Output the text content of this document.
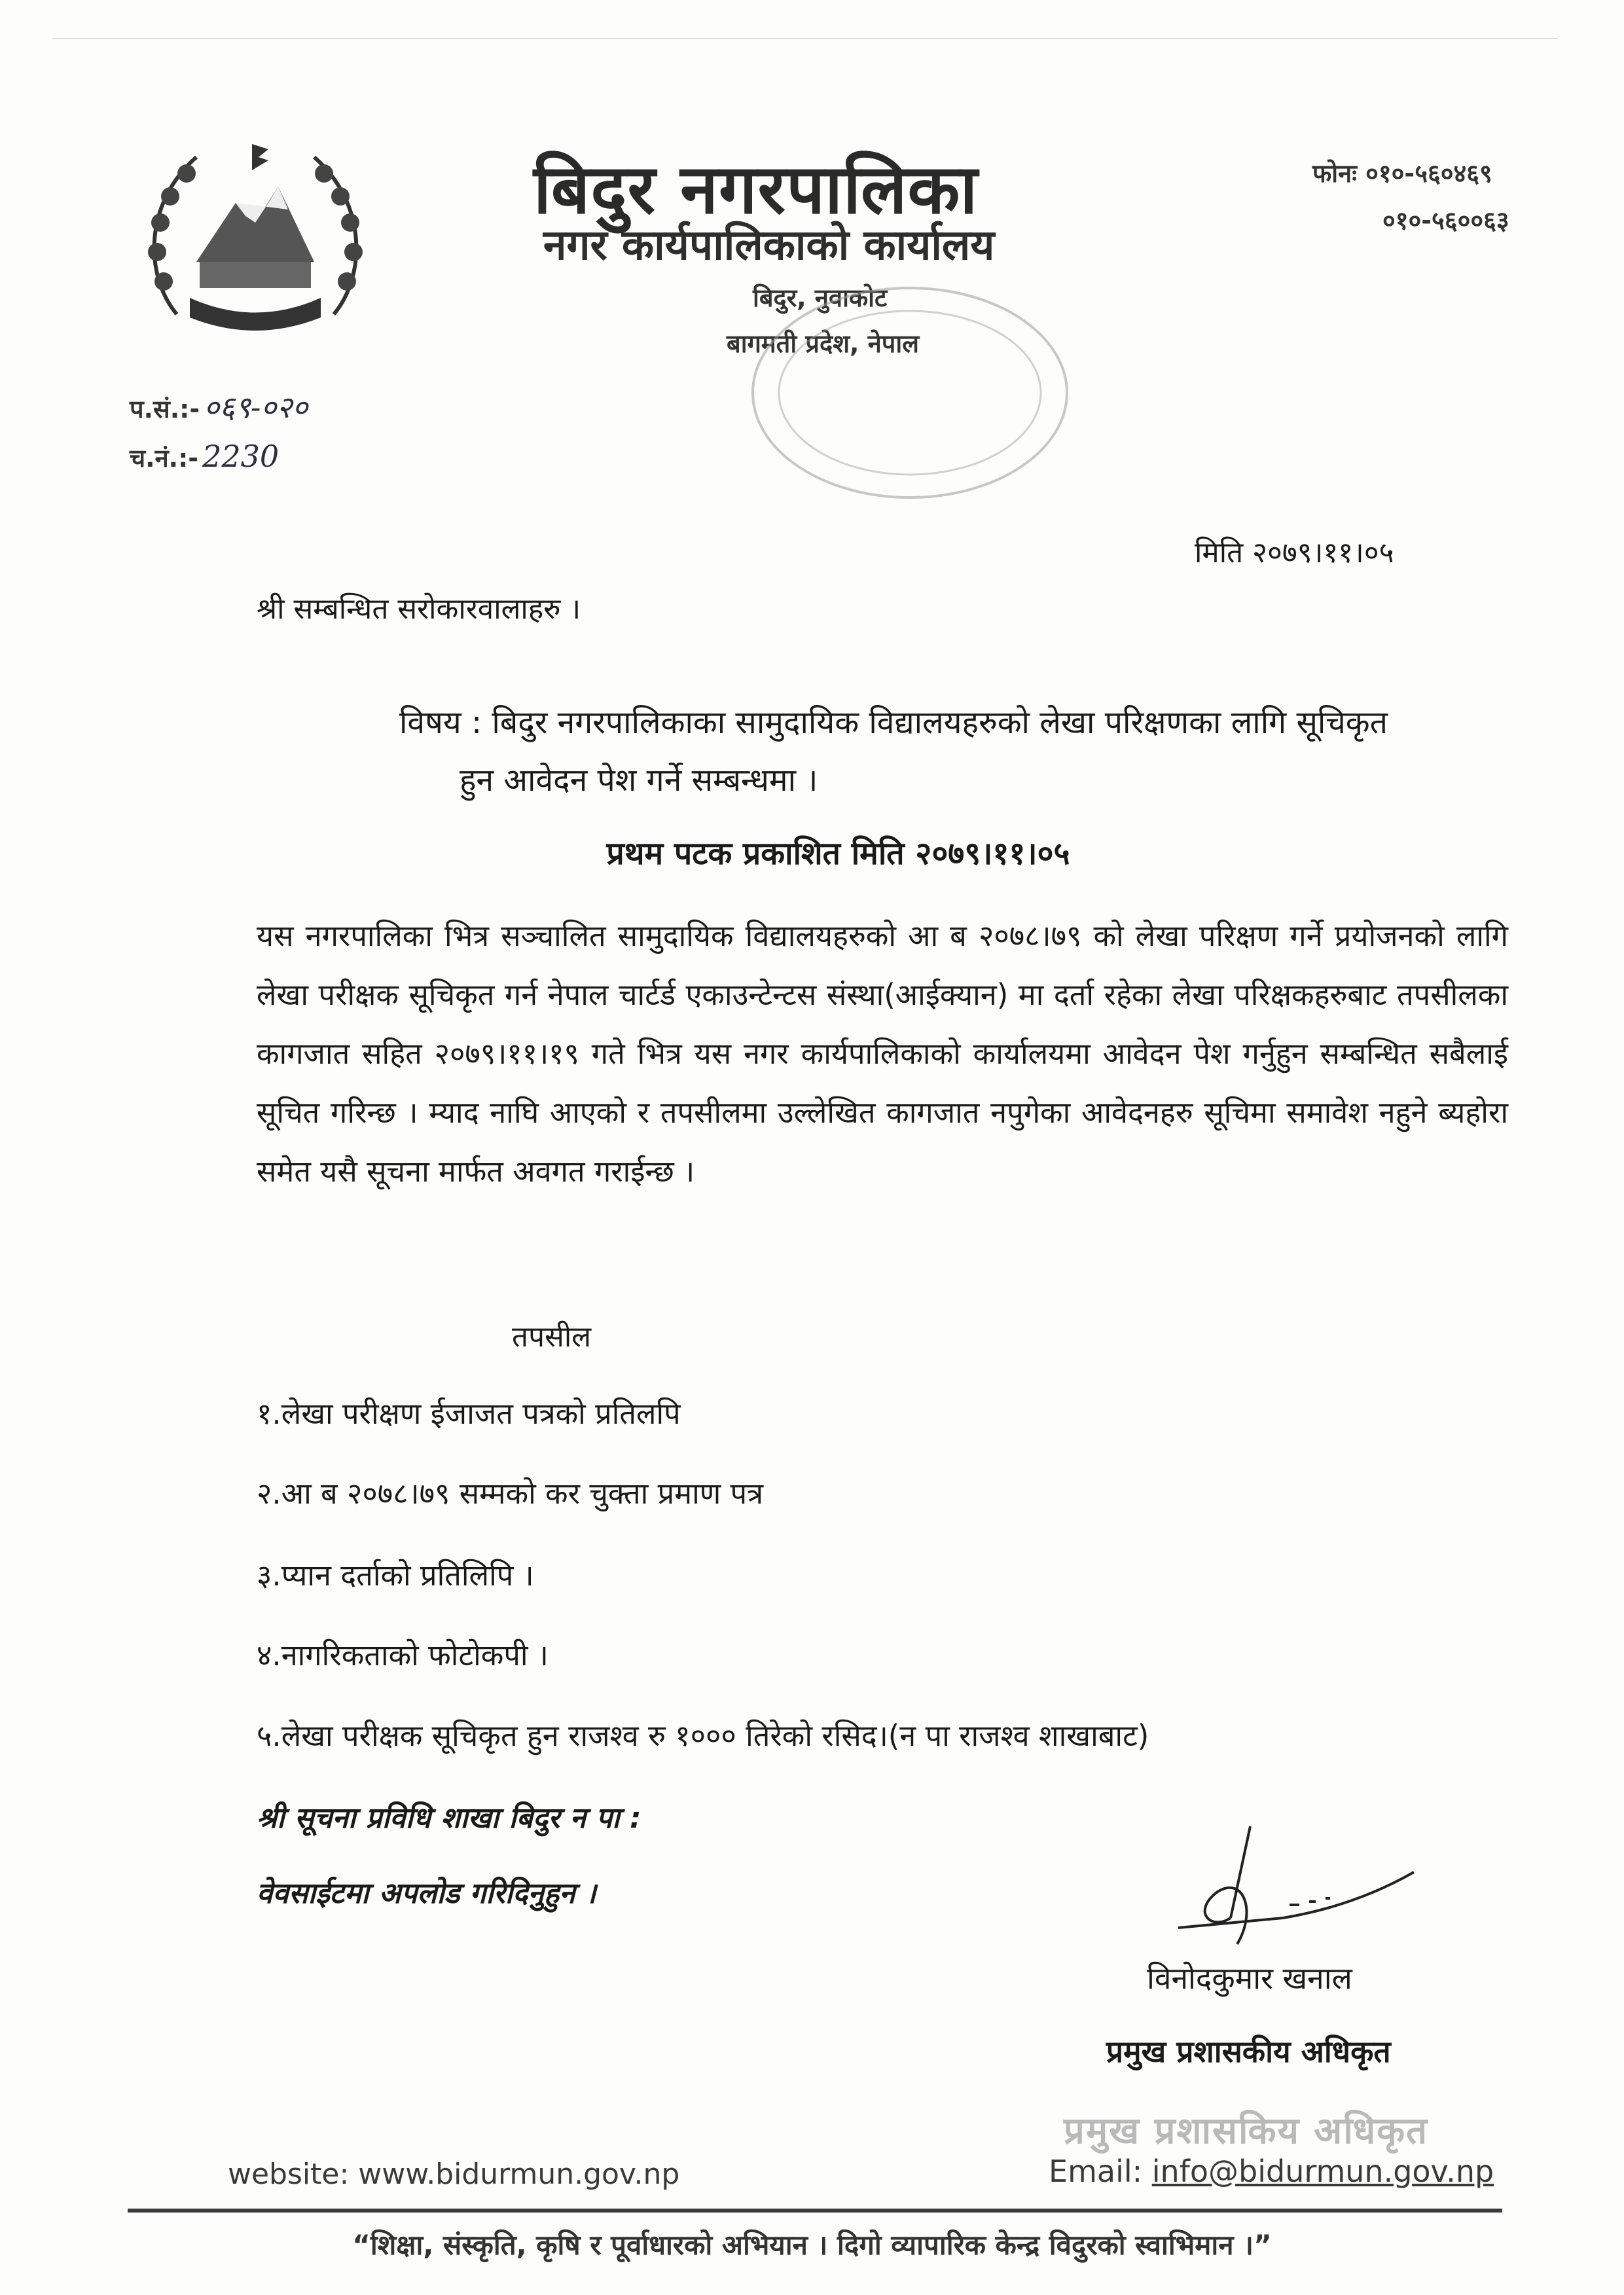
बिदुर नगरपालिका
नगर कार्यपालिकाको कार्यालय
बिदुर, नुवाकोट
बागमती प्रदेश, नेपाल
फोनः ०१०-५६०४६९
०१०-५६००६३
प.सं.:- ०६९-०२०
च.नं.:- 2230
मिति २०७९।११।०५
श्री सम्बन्धित सरोकारवालाहरु ।
विषय : बिदुर नगरपालिकाका सामुदायिक विद्यालयहरुको लेखा परिक्षणका लागि सूचिकृत
हुन आवेदन पेश गर्ने सम्बन्धमा ।
प्रथम पटक प्रकाशित मिति २०७९।११।०५
यस नगरपालिका भित्र सञ्चालित सामुदायिक विद्यालयहरुको आ ब २०७८।७९ को लेखा परिक्षण गर्ने प्रयोजनको लागि लेखा परीक्षक सूचिकृत गर्न नेपाल चार्टर्ड एकाउन्टेन्टस संस्था(आईक्यान) मा दर्ता रहेका लेखा परिक्षकहरुबाट तपसीलका कागजात सहित २०७९।११।१९ गते भित्र यस नगर कार्यपालिकाको कार्यालयमा आवेदन पेश गर्नुहुन सम्बन्धित सबैलाई सूचित गरिन्छ । म्याद नाघि आएको र तपसीलमा उल्लेखित कागजात नपुगेका आवेदनहरु सूचिमा समावेश नहुने ब्यहोरा समेत यसै सूचना मार्फत अवगत गराईन्छ ।
तपसील
१.लेखा परीक्षण ईजाजत पत्रको प्रतिलपि
२.आ ब २०७८।७९ सम्मको कर चुक्ता प्रमाण पत्र
३.प्यान दर्ताको प्रतिलिपि ।
४.नागरिकताको फोटोकपी ।
५.लेखा परीक्षक सूचिकृत हुन राजश्व रु १००० तिरेको रसिद।(न पा राजश्व शाखाबाट)
श्री सूचना प्रविधि शाखा बिदुर न पा :
वेवसाईटमा अपलोड गरिदिनुहुन ।
विनोदकुमार खनाल
प्रमुख प्रशासकीय अधिकृत
प्रमुख प्रशासकिय अधिकृत
website: www.bidurmun.gov.np	Email: info@bidurmun.gov.np
“शिक्षा, संस्कृति, कृषि र पूर्वाधारको अभियान । दिगो व्यापारिक केन्द्र विदुरको स्वाभिमान ।”
